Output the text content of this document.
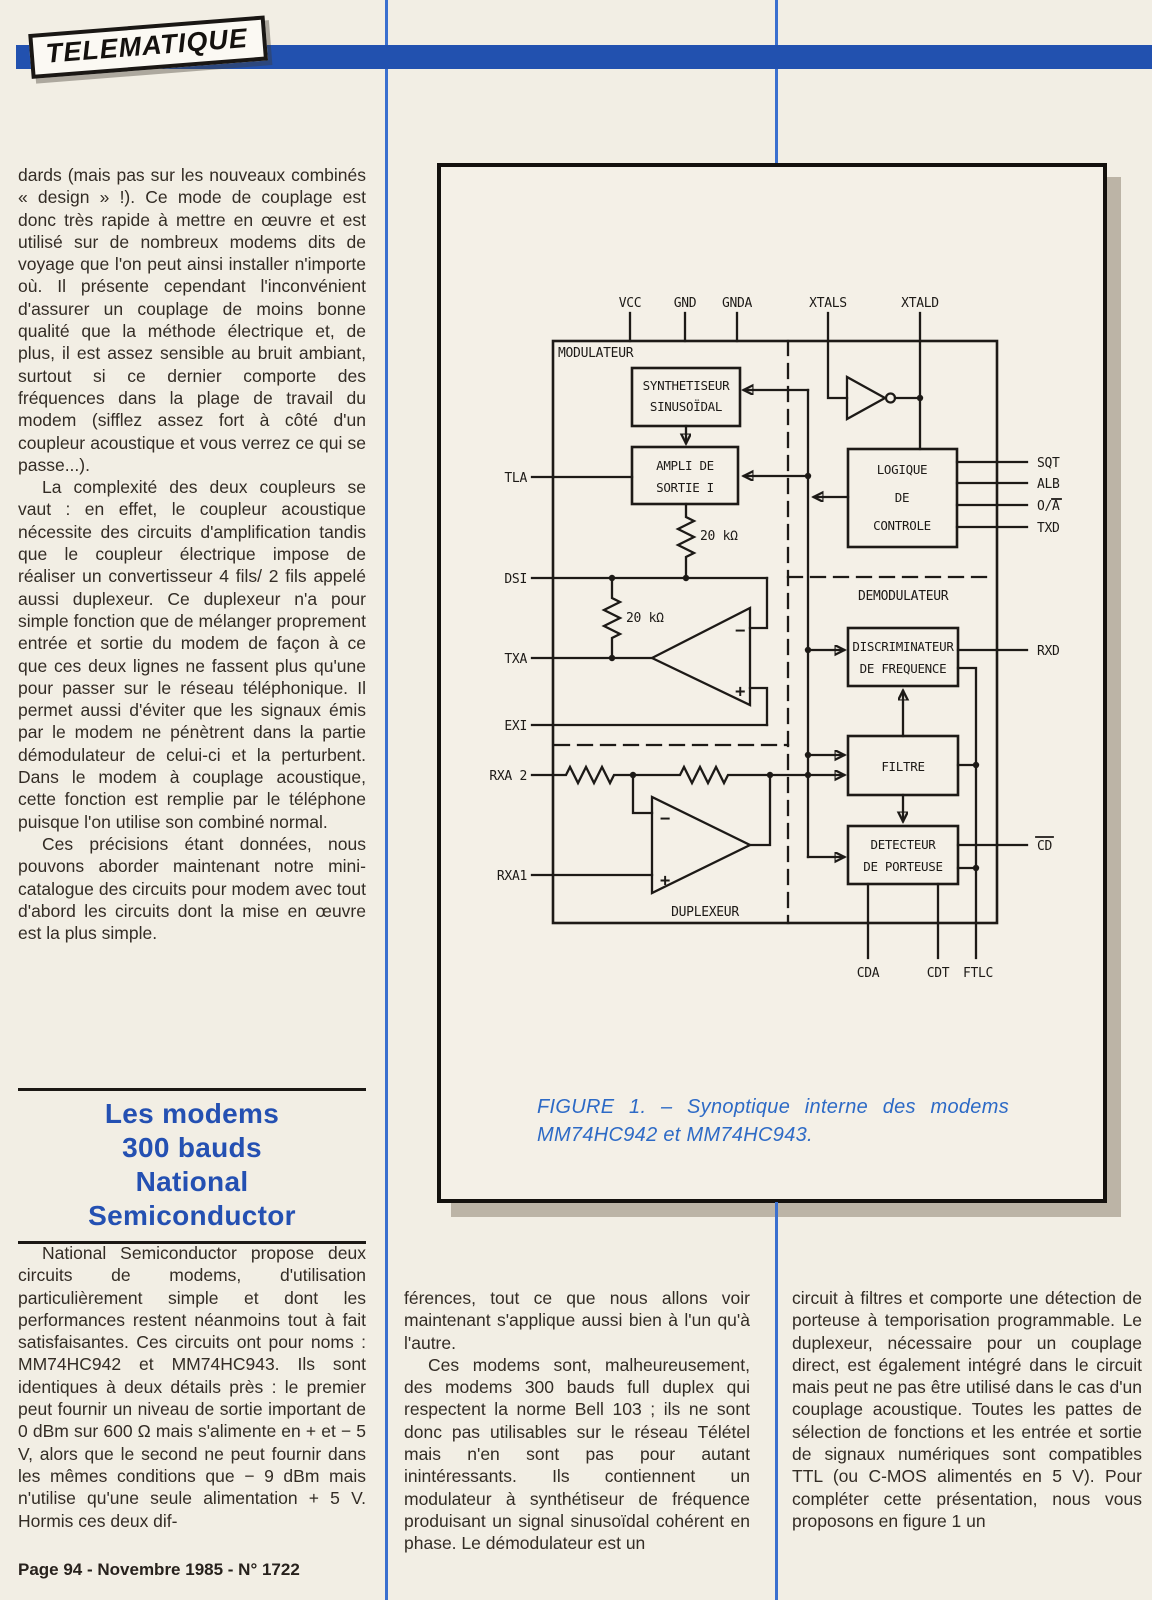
TELEMATIQUE

dards (mais pas sur les nouveaux combinés « design » !). Ce mode de couplage est donc très rapide à mettre en œuvre et est utilisé sur de nombreux modems dits de voyage que l'on peut ainsi installer n'importe où. Il présente cependant l'inconvénient d'assurer un couplage de moins bonne qualité que la méthode électrique et, de plus, il est assez sensible au bruit ambiant, surtout si ce dernier comporte des fréquences dans la plage de travail du modem (sifflez assez fort à côté d'un coupleur acoustique et vous verrez ce qui se passe...).

La complexité des deux coupleurs se vaut : en effet, le coupleur acoustique nécessite des circuits d'amplification tandis que le coupleur électrique impose de réaliser un convertisseur 4 fils/ 2 fils appelé aussi duplexeur. Ce duplexeur n'a pour simple fonction que de mélanger proprement entrée et sortie du modem de façon à ce que ces deux lignes ne fassent plus qu'une pour passer sur le réseau téléphonique. Il permet aussi d'éviter que les signaux émis par le modem ne pénètrent dans la partie démodulateur de celui-ci et la perturbent. Dans le modem à couplage acoustique, cette fonction est remplie par le téléphone puisque l'on utilise son combiné normal.

Ces précisions étant données, nous pouvons aborder maintenant notre mini-catalogue des circuits pour modem avec tout d'abord les circuits dont la mise en œuvre est la plus simple.

Les modems
300 bauds
National
Semiconductor

National Semiconductor propose deux circuits de modems, d'utilisation particulièrement simple et dont les performances restent néanmoins tout à fait satisfaisantes. Ces circuits ont pour noms : MM74HC942 et MM74HC943. Ils sont identiques à deux détails près : le premier peut fournir un niveau de sortie important de 0 dBm sur 600 Ω mais s'alimente en + et − 5 V, alors que le second ne peut fournir dans les mêmes conditions que − 9 dBm mais n'utilise qu'une seule alimentation + 5 V. Hormis ces deux dif-

férences, tout ce que nous allons voir maintenant s'applique aussi bien à l'un qu'à l'autre.

Ces modems sont, malheureusement, des modems 300 bauds full duplex qui respectent la norme Bell 103 ; ils ne sont donc pas utilisables sur le réseau Télétel mais n'en sont pas pour autant inintéressants. Ils contiennent un modulateur à synthétiseur de fréquence produisant un signal sinusoïdal cohérent en phase. Le démodulateur est un

circuit à filtres et comporte une détection de porteuse à temporisation programmable. Le duplexeur, nécessaire pour un couplage direct, est également intégré dans le circuit mais peut ne pas être utilisé dans le cas d'un couplage acoustique. Toutes les pattes de sélection de fonctions et les entrée et sortie de signaux numériques sont compatibles TTL (ou C-MOS alimentés en 5 V). Pour compléter cette présentation, nous vous proposons en figure 1 un

Page 94 - Novembre 1985 - N° 1722
VCC GND GNDA	XTALS	XTALD
MODULATEUR
SYNTHETISEUR
SINUSOÏDAL
AMPLI DE
SORTIE I
LOGIQUE
DE
CONTROLE
20 kΩ
20 kΩ
−
+
−
+
DUPLEXEUR
DEMODULATEUR
DISCRIMINATEUR
DE FREQUENCE
FILTRE
DETECTEUR
DE PORTEUSE
TLA
DSI
TXA
EXI
RXA 2
RXA1
SQT
ALB
O/A
TXD
RXD
CD
CDA	CDT FTLC
FIGURE 1. – Synoptique interne des modems
MM74HC942 et MM74HC943.
